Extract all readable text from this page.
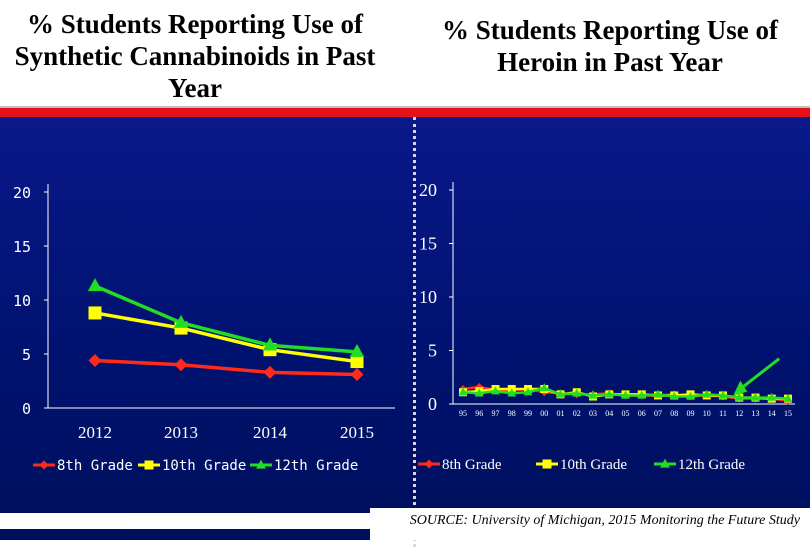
% Students Reporting Use of Synthetic Cannabinoids in Past Year
% Students Reporting Use of Heroin in Past Year
0
5
10
15
20
2012	2013	2014	2015
8th Grade 10th Grade 12th Grade
0
5
10
15
20
95 96 97 98 99 00 01 02 03 04 05 06 07 08 09 10 11 12 13 14 15
8th Grade	10th Grade	12th Grade
SOURCE: University of Michigan, 2015 Monitoring the Future Study
